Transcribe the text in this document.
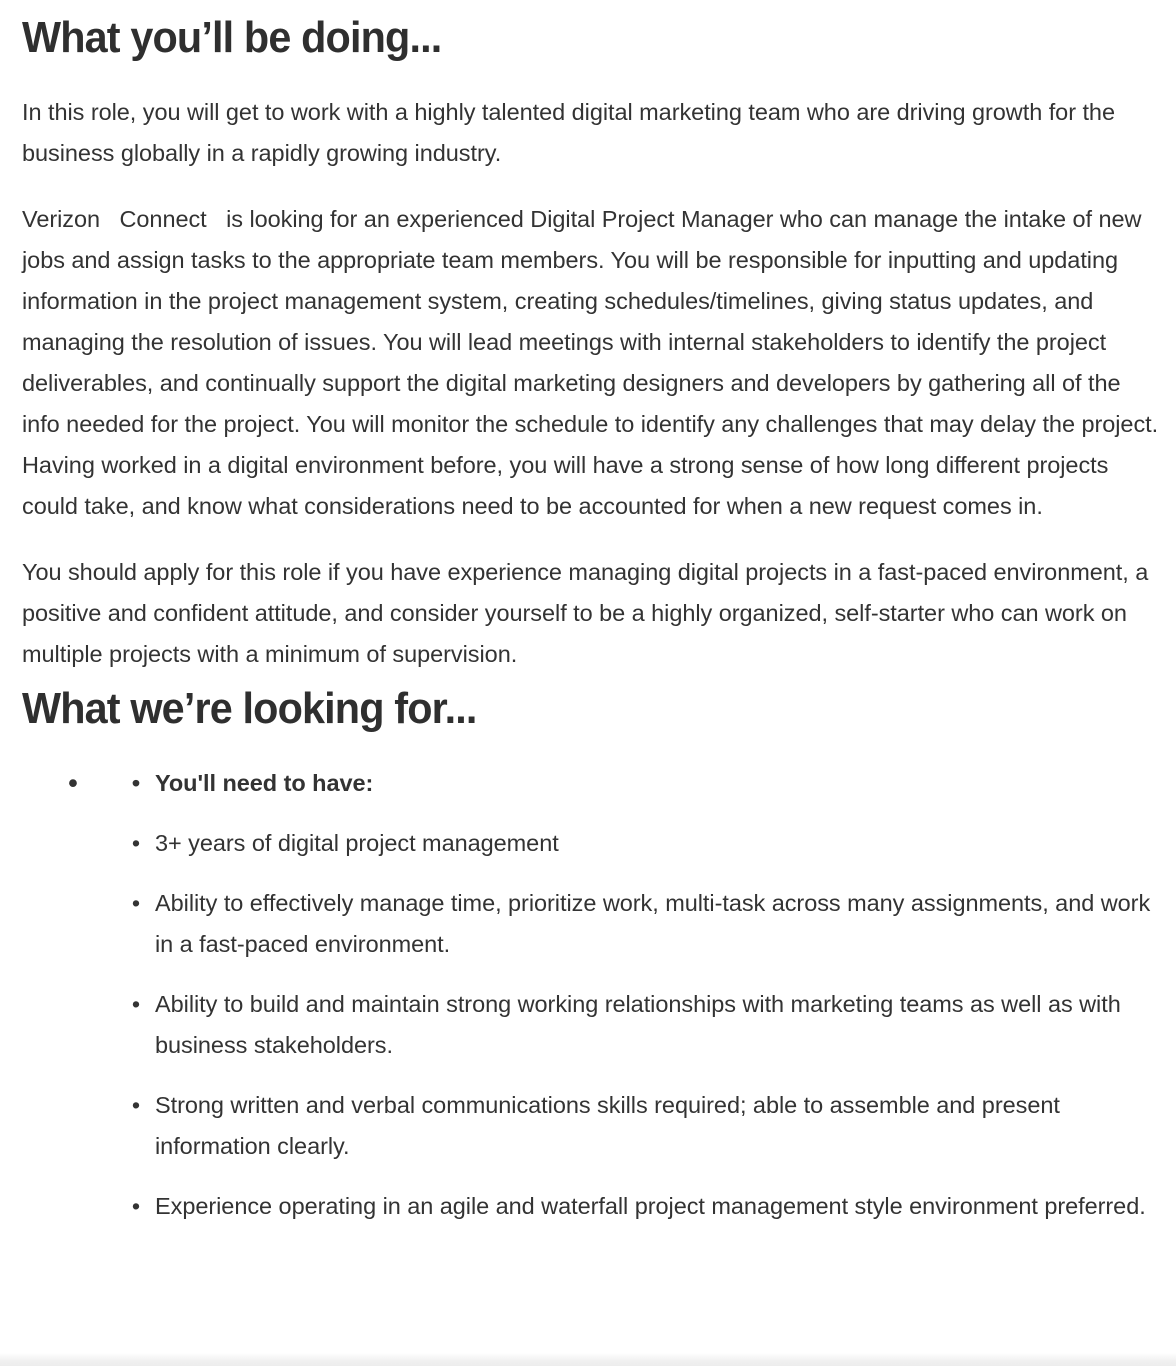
What you’ll be doing...

In this role, you will get to work with a highly talented digital marketing team who are driving growth for the business globally in a rapidly growing industry.

Verizon Connect is looking for an experienced Digital Project Manager who can manage the intake of new jobs and assign tasks to the appropriate team members. You will be responsible for inputting and updating information in the project management system, creating schedules/timelines, giving status updates, and managing the resolution of issues. You will lead meetings with internal stakeholders to identify the project deliverables, and continually support the digital marketing designers and developers by gathering all of the info needed for the project. You will monitor the schedule to identify any challenges that may delay the project. Having worked in a digital environment before, you will have a strong sense of how long different projects could take, and know what considerations need to be accounted for when a new request comes in.

You should apply for this role if you have experience managing digital projects in a fast-paced environment, a positive and confident attitude, and consider yourself to be a highly organized, self-starter who can work on multiple projects with a minimum of supervision.

What we’re looking for...
• • You'll need to have:
• 3+ years of digital project management
• Ability to effectively manage time, prioritize work, multi-task across many assignments, and work in a fast-paced environment.
• Ability to build and maintain strong working relationships with marketing teams as well as with business stakeholders.
• Strong written and verbal communications skills required; able to assemble and present information clearly.
• Experience operating in an agile and waterfall project management style environment preferred.
